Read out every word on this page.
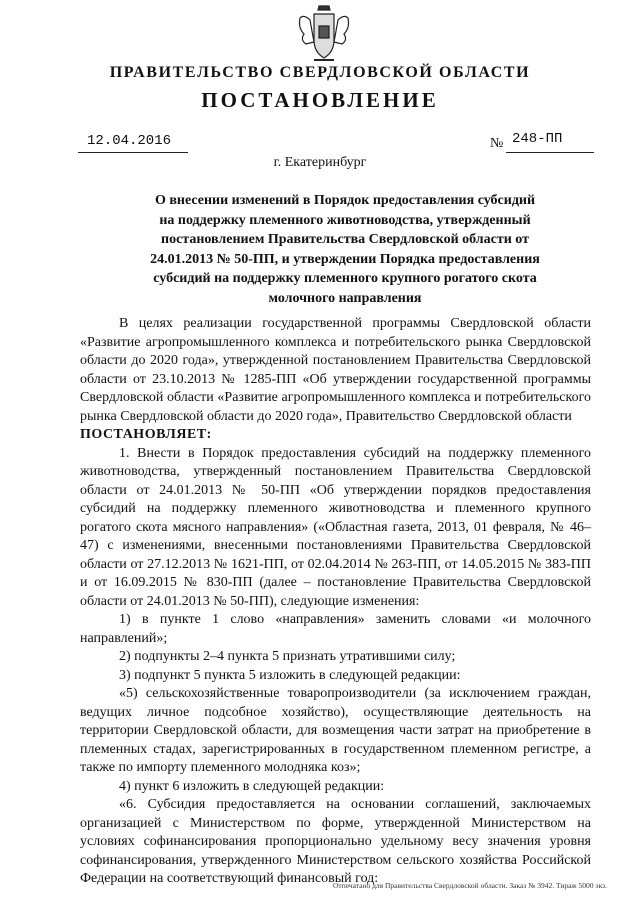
ПРАВИТЕЛЬСТВО СВЕРДЛОВСКОЙ ОБЛАСТИ
ПОСТАНОВЛЕНИЕ
12.04.2016	№ 248-ПП
г. Екатеринбург
О внесении изменений в Порядок предоставления субсидий на поддержку племенного животноводства, утвержденный постановлением Правительства Свердловской области от 24.01.2013 № 50-ПП, и утверждении Порядка предоставления субсидий на поддержку племенного крупного рогатого скота молочного направления

В целях реализации государственной программы Свердловской области «Развитие агропромышленного комплекса и потребительского рынка Свердловской области до 2020 года», утвержденной постановлением Правительства Свердловской области от 23.10.2013 № 1285-ПП «Об утверждении государственной программы Свердловской области «Развитие агропромышленного комплекса и потребительского рынка Свердловской области до 2020 года», Правительство Свердловской области

ПОСТАНОВЛЯЕТ:

1. Внести в Порядок предоставления субсидий на поддержку племенного животноводства, утвержденный постановлением Правительства Свердловской области от 24.01.2013 № 50-ПП «Об утверждении порядков предоставления субсидий на поддержку племенного животноводства и племенного крупного рогатого скота мясного направления» («Областная газета, 2013, 01 февраля, № 46–47) с изменениями, внесенными постановлениями Правительства Свердловской области от 27.12.2013 № 1621-ПП, от 02.04.2014 № 263-ПП, от 14.05.2015 № 383-ПП и от 16.09.2015 № 830-ПП (далее – постановление Правительства Свердловской области от 24.01.2013 № 50-ПП), следующие изменения:

1) в пункте 1 слово «направления» заменить словами «и молочного направлений»;

2) подпункты 2–4 пункта 5 признать утратившими силу;

3) подпункт 5 пункта 5 изложить в следующей редакции:

«5) сельскохозяйственные товаропроизводители (за исключением граждан, ведущих личное подсобное хозяйство), осуществляющие деятельность на территории Свердловской области, для возмещения части затрат на приобретение в племенных стадах, зарегистрированных в государственном племенном регистре, а также по импорту племенного молодняка коз»;

4) пункт 6 изложить в следующей редакции:

«6. Субсидия предоставляется на основании соглашений, заключаемых организацией с Министерством по форме, утвержденной Министерством на условиях софинансирования пропорционально удельному весу значения уровня софинансирования, утвержденного Министерством сельского хозяйства Российской Федерации на соответствующий финансовый год:

Отпечатано для Правительства Свердловской области. Заказ № 3942. Тираж 5000 экз.
